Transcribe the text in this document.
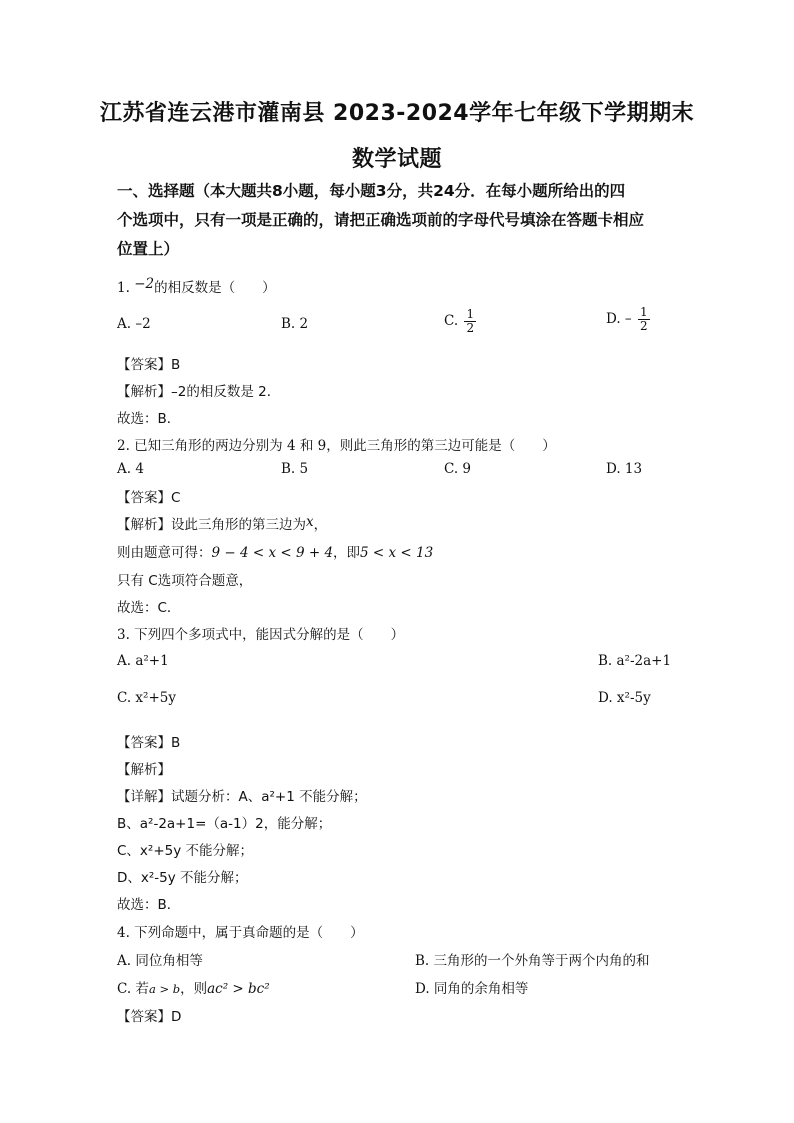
江苏省连云港市灌南县 2023-2024学年七年级下学期期末
数学试题
一、选择题（本大题共8小题，每小题3分，共24分．在每小题所给出的四
个选项中，只有一项是正确的，请把正确选项前的字母代号填涂在答题卡相应
位置上）
1. −2的相反数是（　　）
A. –2	B. 2	C. $\frac{1}{2}$	D. – $\frac{1}{2}$
【答案】B
【解析】–2的相反数是 2．
故选：B．
2. 已知三角形的两边分别为 4 和 9，则此三角形的第三边可能是（　　）
A. 4	B. 5	C. 9	D. 13
【答案】C
【解析】设此三角形的第三边为x，
则由题意可得：9 − 4 < x < 9 + 4，即5 < x < 13
只有 C选项符合题意，
故选：C．
3. 下列四个多项式中，能因式分解的是（　　）
A. a²+1	B. a²-2a+1
C. x²+5y	D. x²-5y
【答案】B
【解析】
【详解】试题分析：A、a²+1 不能分解；
B、a²-2a+1=（a-1）2，能分解；
C、x²+5y 不能分解；
D、x²-5y 不能分解；
故选：B．
4. 下列命题中，属于真命题的是（　　）
A. 同位角相等	B. 三角形的一个外角等于两个内角的和
C. 若a > b，则ac² > bc²	D. 同角的余角相等
【答案】D
